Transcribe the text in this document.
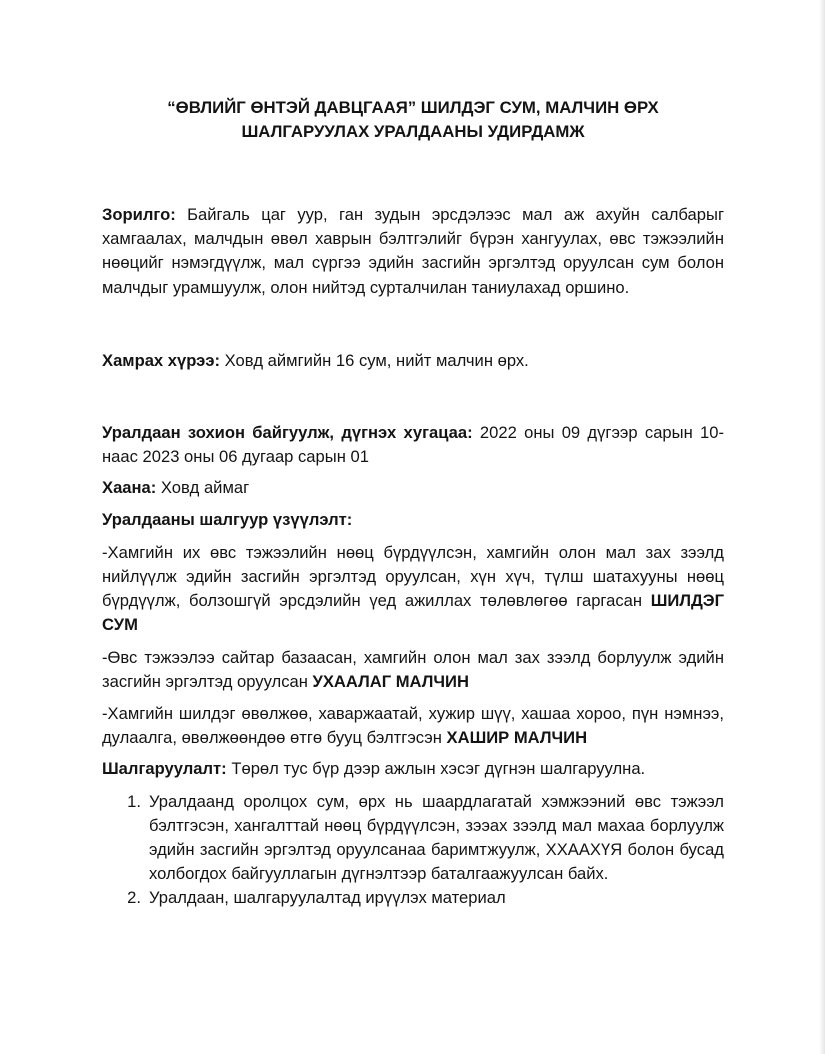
“ӨВЛИЙГ ӨНТЭЙ ДАВЦГААЯ” ШИЛДЭГ СУМ, МАЛЧИН ӨРХ
ШАЛГАРУУЛАХ УРАЛДААНЫ УДИРДАМЖ

Зорилго: Байгаль цаг уур, ган зудын эрсдэлээс мал аж ахуйн салбарыг хамгаалах, малчдын өвөл хаврын бэлтгэлийг бүрэн хангуулах, өвс тэжээлийн нөөцийг нэмэгдүүлж, мал сүргээ эдийн засгийн эргэлтэд оруулсан сум болон малчдыг урамшуулж, олон нийтэд сурталчилан таниулахад оршино.

Хамрах хүрээ: Ховд аймгийн 16 сум, нийт малчин өрх.

Уралдаан зохион байгуулж, дүгнэх хугацаа: 2022 оны 09 дүгээр сарын 10-наас 2023 оны 06 дугаар сарын 01

Хаана: Ховд аймаг

Уралдааны шалгуур үзүүлэлт:

-Хамгийн их өвс тэжээлийн нөөц бүрдүүлсэн, хамгийн олон мал зах зээлд нийлүүлж эдийн засгийн эргэлтэд оруулсан, хүн хүч, түлш шатахууны нөөц бүрдүүлж, болзошгүй эрсдэлийн үед ажиллах төлөвлөгөө гаргасан ШИЛДЭГ СУМ

-Өвс тэжээлээ сайтар базаасан, хамгийн олон мал зах зээлд борлуулж эдийн засгийн эргэлтэд оруулсан УХААЛАГ МАЛЧИН

-Хамгийн шилдэг өвөлжөө, хаваржаатай, хужир шүү, хашаа хороо, пүн нэмнээ, дулаалга, өвөлжөөндөө өтгө бууц бэлтгэсэн ХАШИР МАЛЧИН

Шалгаруулалт: Төрөл тус бүр дээр ажлын хэсэг дүгнэн шалгаруулна.

1. Уралдаанд оролцох сум, өрх нь шаардлагатай хэмжээний өвс тэжээл бэлтгэсэн, хангалттай нөөц бүрдүүлсэн, зээах зээлд мал махаа борлуулж эдийн засгийн эргэлтэд оруулсанаа баримтжуулж, ХХААХҮЯ болон бусад холбогдох байгууллагын дүгнэлтээр баталгаажуулсан байх.
2. Уралдаан, шалгаруулалтад ирүүлэх материал
